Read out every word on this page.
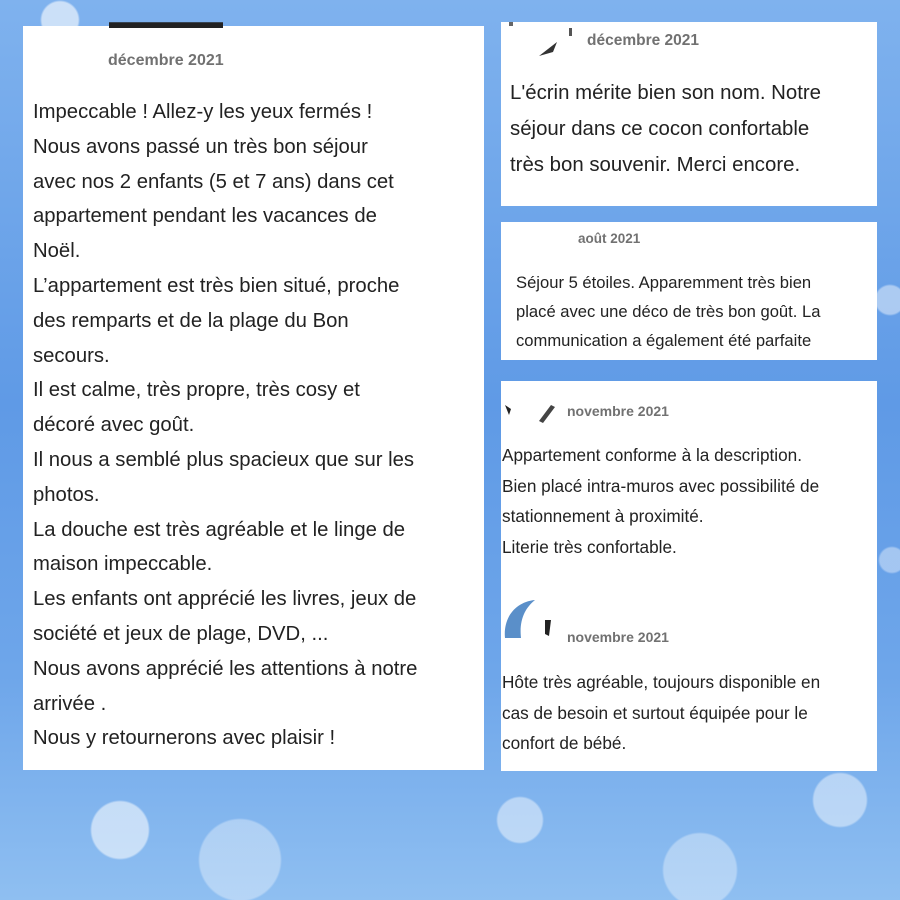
▬▬▬▬▬▬
décembre 2021

Impeccable ! Allez-y les yeux fermés !

Nous avons passé un très bon séjour

avec nos 2 enfants (5 et 7 ans) dans cet

appartement pendant les vacances de

Noël.

L’appartement est très bien situé, proche

des remparts et de la plage du Bon

secours.

Il est calme, très propre, très cosy et

décoré avec goût.

Il nous a semblé plus spacieux que sur les

photos.

La douche est très agréable et le linge de

maison impeccable.

Les enfants ont apprécié les livres, jeux de

société et jeux de plage, DVD, ...

Nous avons apprécié les attentions à notre

arrivée .

Nous y retournerons avec plaisir !

décembre 2021

L'écrin mérite bien son nom. Notre

séjour dans ce cocon confortable

très bon souvenir. Merci encore.

août 2021

Séjour 5 étoiles. Apparemment très bien

placé avec une déco de très bon goût. La

communication a également été parfaite

novembre 2021

Appartement conforme à la description.

Bien placé intra-muros avec possibilité de

stationnement à proximité.

Literie très confortable.

novembre 2021

Hôte très agréable, toujours disponible en

cas de besoin et surtout équipée pour le

confort de bébé.
